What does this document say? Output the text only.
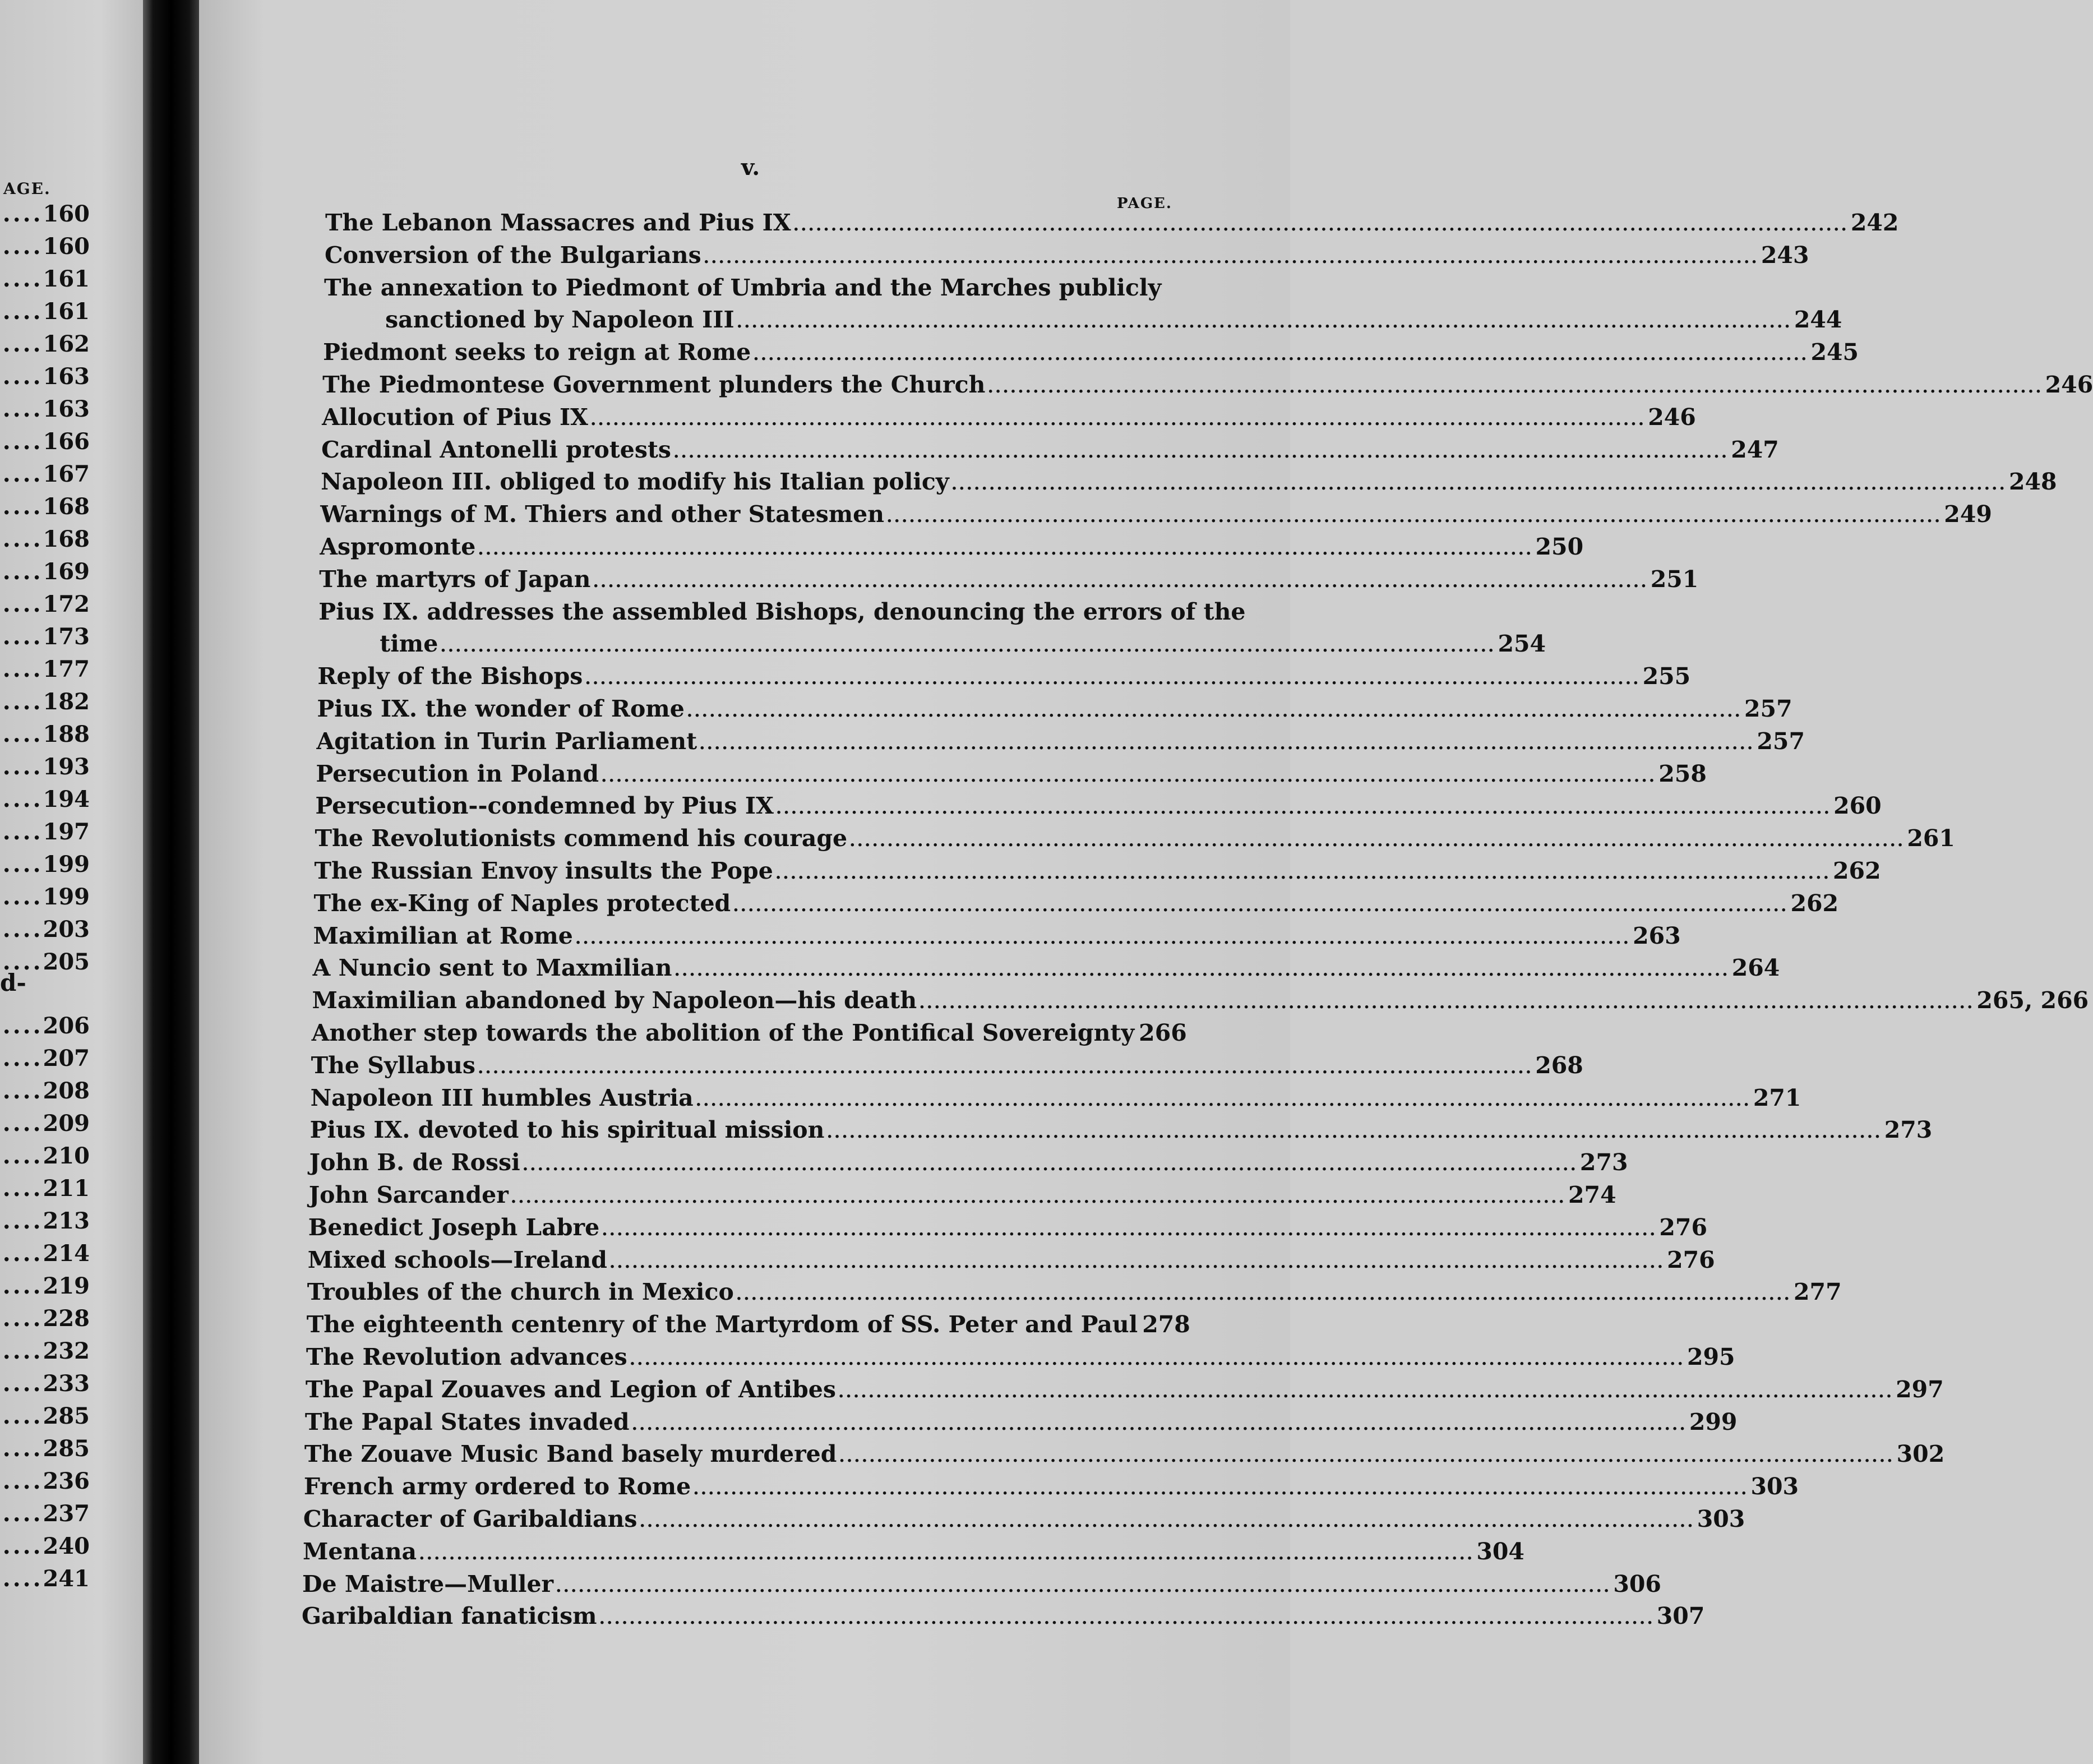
AGE.
....160
....160
....161
....161
....162
....163
....163
....166
....167
....168
....168
....169
....172
....173
....177
....182
....188
....193
....194
....197
....199
....199
....203
....205
....206
....207
....208
....209
....210
....211
....213
....214
....219
....228
....232
....233
....285
....285
....236
....237
....240
....241
d-
v.
PAGE.
The Lebanon Massacres and Pius IX ............................................................................................................................................ 242
Conversion of the Bulgarians ............................................................................................................................................ 243
The annexation to Piedmont of Umbria and the Marches publicly
sanctioned by Napoleon III ............................................................................................................................................ 244
Piedmont seeks to reign at Rome ............................................................................................................................................ 245
The Piedmontese Government plunders the Church ............................................................................................................................................ 246
Allocution of Pius IX ............................................................................................................................................ 246
Cardinal Antonelli protests ............................................................................................................................................ 247
Napoleon III. obliged to modify his Italian policy ............................................................................................................................................ 248
Warnings of M. Thiers and other Statesmen ............................................................................................................................................ 249
Aspromonte ............................................................................................................................................ 250
The martyrs of Japan ............................................................................................................................................ 251
Pius IX. addresses the assembled Bishops, denouncing the errors of the
time ............................................................................................................................................ 254
Reply of the Bishops ............................................................................................................................................ 255
Pius IX. the wonder of Rome ............................................................................................................................................ 257
Agitation in Turin Parliament ............................................................................................................................................ 257
Persecution in Poland ............................................................................................................................................ 258
Persecution--condemned by Pius IX ............................................................................................................................................ 260
The Revolutionists commend his courage ............................................................................................................................................ 261
The Russian Envoy insults the Pope ............................................................................................................................................ 262
The ex-King of Naples protected ............................................................................................................................................ 262
Maximilian at Rome ............................................................................................................................................ 263
A Nuncio sent to Maxmilian ............................................................................................................................................ 264
Maximilian abandoned by Napoleon—his death ............................................................................................................................................ 265, 266
Another step towards the abolition of the Pontifical Sovereignty 266
The Syllabus ............................................................................................................................................ 268
Napoleon III humbles Austria ............................................................................................................................................ 271
Pius IX. devoted to his spiritual mission ............................................................................................................................................ 273
John B. de Rossi ............................................................................................................................................ 273
John Sarcander ............................................................................................................................................ 274
Benedict Joseph Labre ............................................................................................................................................ 276
Mixed schools—Ireland ............................................................................................................................................ 276
Troubles of the church in Mexico ............................................................................................................................................ 277
The eighteenth centenry of the Martyrdom of SS. Peter and Paul 278
The Revolution advances ............................................................................................................................................ 295
The Papal Zouaves and Legion of Antibes ............................................................................................................................................ 297
The Papal States invaded ............................................................................................................................................ 299
The Zouave Music Band basely murdered ............................................................................................................................................ 302
French army ordered to Rome ............................................................................................................................................ 303
Character of Garibaldians ............................................................................................................................................ 303
Mentana ............................................................................................................................................ 304
De Maistre—Muller ............................................................................................................................................ 306
Garibaldian fanaticism ............................................................................................................................................ 307
